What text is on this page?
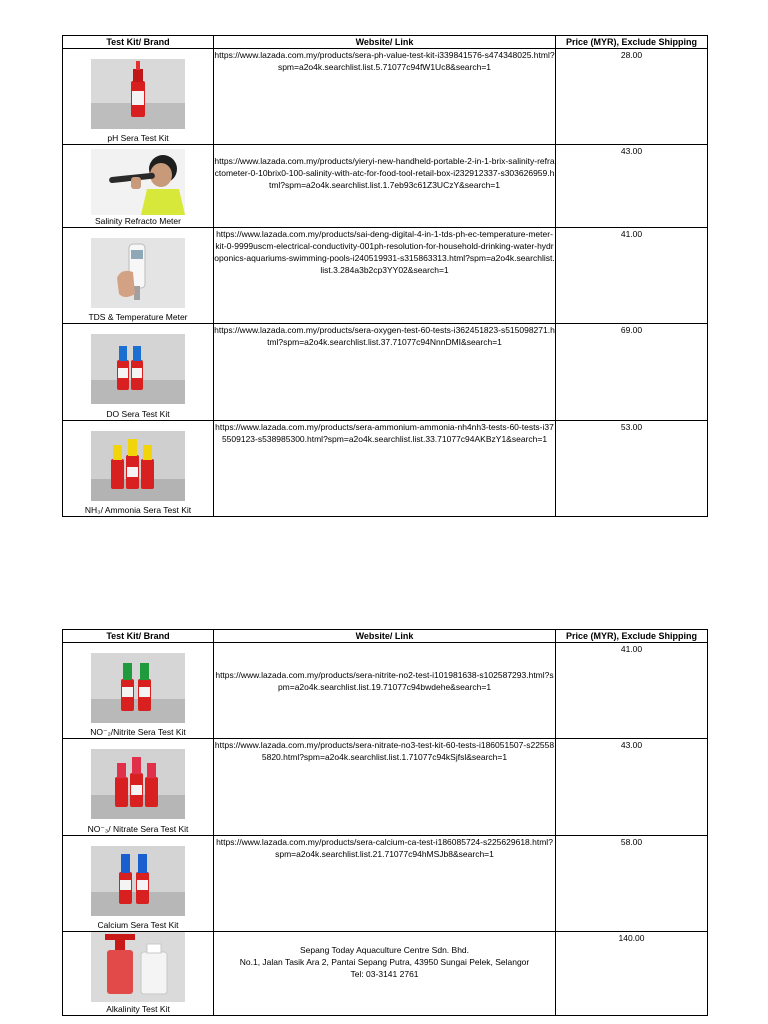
Test Kit/ Brand	Website/ Link	Price (MYR), Exclude Shipping

pH Sera Test Kit	https://www.lazada.com.my/products/sera-ph-value-test-kit-i339841576-s474348025.html?spm=a2o4k.searchlist.list.5.71077c94fW1Uc8&search=1	28.00

Salinity Refracto Meter	https://www.lazada.com.my/products/yieryi-new-handheld-portable-2-in-1-brix-salinity-refractometer-0-10brix0-100-salinity-with-atc-for-food-tool-retail-box-i232912337-s303626959.html?spm=a2o4k.searchlist.list.1.7eb93c61Z3UCzY&search=1	43.00

TDS & Temperature Meter	https://www.lazada.com.my/products/sai-deng-digital-4-in-1-tds-ph-ec-temperature-meter-kit-0-9999uscm-electrical-conductivity-001ph-resolution-for-household-drinking-water-hydroponics-aquariums-swimming-pools-i240519931-s315863313.html?spm=a2o4k.searchlist.list.3.284a3b2cp3YY02&search=1	41.00

DO Sera Test Kit	https://www.lazada.com.my/products/sera-oxygen-test-60-tests-i362451823-s515098271.html?spm=a2o4k.searchlist.list.37.71077c94NnnDMI&search=1	69.00

NH₃/ Ammonia Sera Test Kit	https://www.lazada.com.my/products/sera-ammonium-ammonia-nh4nh3-tests-60-tests-i375509123-s538985300.html?spm=a2o4k.searchlist.list.33.71077c94AKBzY1&search=1	53.00
Test Kit/ Brand	Website/ Link	Price (MYR), Exclude Shipping

NO⁻₂/Nitrite Sera Test Kit	https://www.lazada.com.my/products/sera-nitrite-no2-test-i101981638-s102587293.html?spm=a2o4k.searchlist.list.19.71077c94bwdehe&search=1	41.00

NO⁻₃/ Nitrate Sera Test Kit	https://www.lazada.com.my/products/sera-nitrate-no3-test-kit-60-tests-i186051507-s225585820.html?spm=a2o4k.searchlist.list.1.71077c94kSjfsl&search=1	43.00

Calcium Sera Test Kit	https://www.lazada.com.my/products/sera-calcium-ca-test-i186085724-s225629618.html?spm=a2o4k.searchlist.list.21.71077c94hMSJb8&search=1	58.00

Alkalinity Test Kit	Sepang Today Aquaculture Centre Sdn. Bhd.
No.1, Jalan Tasik Ara 2, Pantai Sepang Putra, 43950 Sungai Pelek, Selangor
Tel: 03-3141 2761	140.00
